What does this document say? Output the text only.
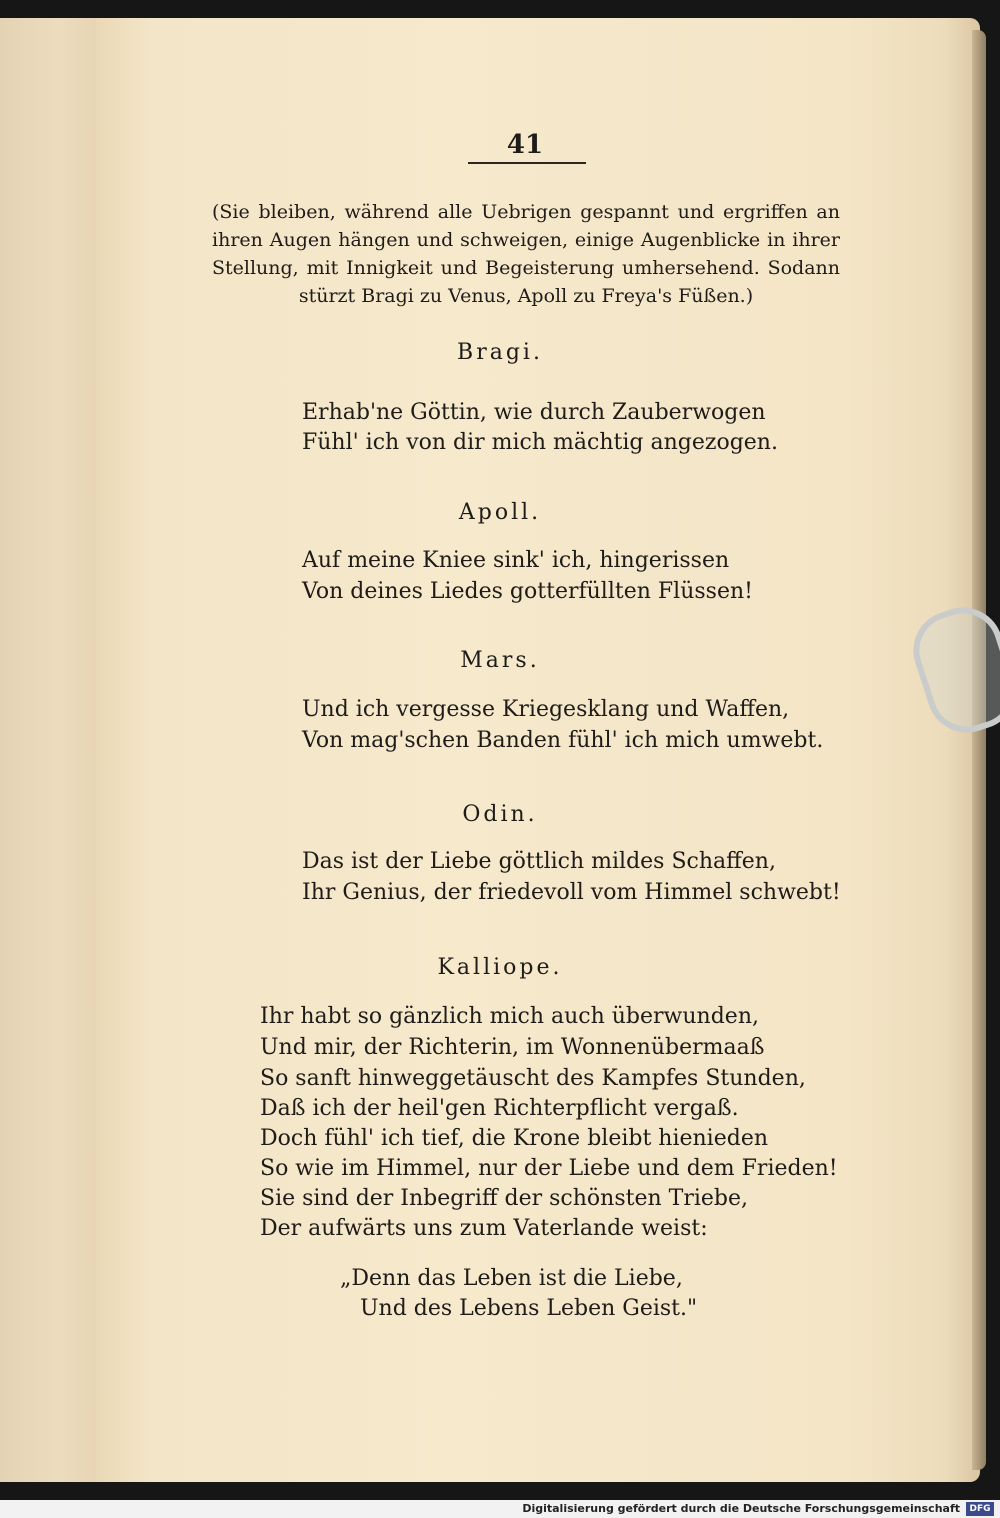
41
(Sie bleiben, während alle Uebrigen gespannt und ergriffen an ihren Augen hängen und schweigen, einige Augenblicke in ihrer Stellung, mit Innigkeit und Begeisterung umhersehend. Sodann stürzt Bragi zu Venus, Apoll zu Freya's Füßen.)
Bragi.
Erhab'ne Göttin, wie durch Zauberwogen
Fühl' ich von dir mich mächtig angezogen.
Apoll.
Auf meine Kniee sink' ich, hingerissen
Von deines Liedes gotterfüllten Flüssen!
Mars.
Und ich vergesse Kriegesklang und Waffen,
Von mag'schen Banden fühl' ich mich umwebt.
Odin.
Das ist der Liebe göttlich mildes Schaffen,
Ihr Genius, der friedevoll vom Himmel schwebt!
Kalliope.
Ihr habt so gänzlich mich auch überwunden,
Und mir, der Richterin, im Wonnenübermaaß
So sanft hinweggetäuscht des Kampfes Stunden,
Daß ich der heil'gen Richterpflicht vergaß.
Doch fühl' ich tief, die Krone bleibt hienieden
So wie im Himmel, nur der Liebe und dem Frieden!
Sie sind der Inbegriff der schönsten Triebe,
Der aufwärts uns zum Vaterlande weist:
„Denn das Leben ist die Liebe,
Und des Lebens Leben Geist."
Digitalisierung gefördert durch die Deutsche Forschungsgemeinschaft	DFG
